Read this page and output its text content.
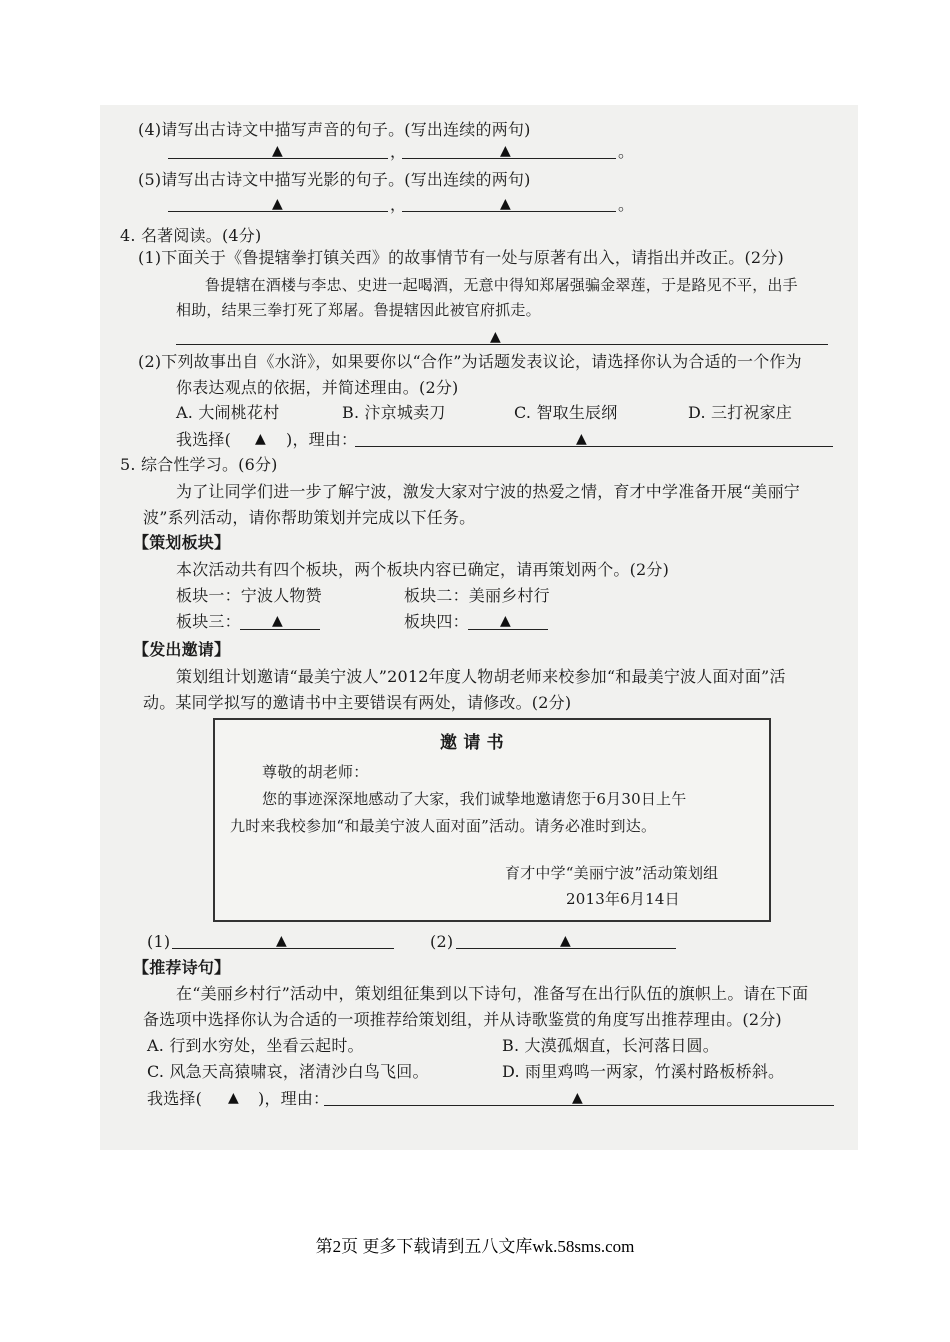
(4)请写出古诗文中描写声音的句子。(写出连续的两句)
▲	，	▲	。
(5)请写出古诗文中描写光影的句子。(写出连续的两句)
▲	，	▲	。
4. 名著阅读。(4分)
(1)下面关于《鲁提辖拳打镇关西》的故事情节有一处与原著有出入，请指出并改正。(2分)
鲁提辖在酒楼与李忠、史进一起喝酒，无意中得知郑屠强骗金翠莲，于是路见不平，出手
相助，结果三拳打死了郑屠。鲁提辖因此被官府抓走。
▲
(2)下列故事出自《水浒》，如果要你以“合作”为话题发表议论，请选择你认为合适的一个作为
你表达观点的依据，并简述理由。(2分)
A. 大闹桃花村	B. 汴京城卖刀	C. 智取生辰纲	D. 三打祝家庄
我选择( ▲ )，理由：	▲
5. 综合性学习。(6分)
为了让同学们进一步了解宁波，激发大家对宁波的热爱之情，育才中学准备开展“美丽宁
波”系列活动，请你帮助策划并完成以下任务。
【策划板块】
本次活动共有四个板块，两个板块内容已确定，请再策划两个。(2分)
板块一：宁波人物赞	板块二：美丽乡村行
板块三： ▲	板块四： ▲
【发出邀请】
策划组计划邀请“最美宁波人”2012年度人物胡老师来校参加“和最美宁波人面对面”活
动。某同学拟写的邀请书中主要错误有两处，请修改。(2分)
邀 请 书
尊敬的胡老师：
您的事迹深深地感动了大家，我们诚挚地邀请您于6月30日上午
九时来我校参加“和最美宁波人面对面”活动。请务必准时到达。
育才中学“美丽宁波”活动策划组
2013年6月14日
(1)	▲	(2)	▲
【推荐诗句】
在“美丽乡村行”活动中，策划组征集到以下诗句，准备写在出行队伍的旗帜上。请在下面
备选项中选择你认为合适的一项推荐给策划组，并从诗歌鉴赏的角度写出推荐理由。(2分)
A. 行到水穷处，坐看云起时。	B. 大漠孤烟直，长河落日圆。
C. 风急天高猿啸哀，渚清沙白鸟飞回。	D. 雨里鸡鸣一两家，竹溪村路板桥斜。
我选择( ▲ )，理由：	▲
第2页 更多下载请到五八文库wk.58sms.com
